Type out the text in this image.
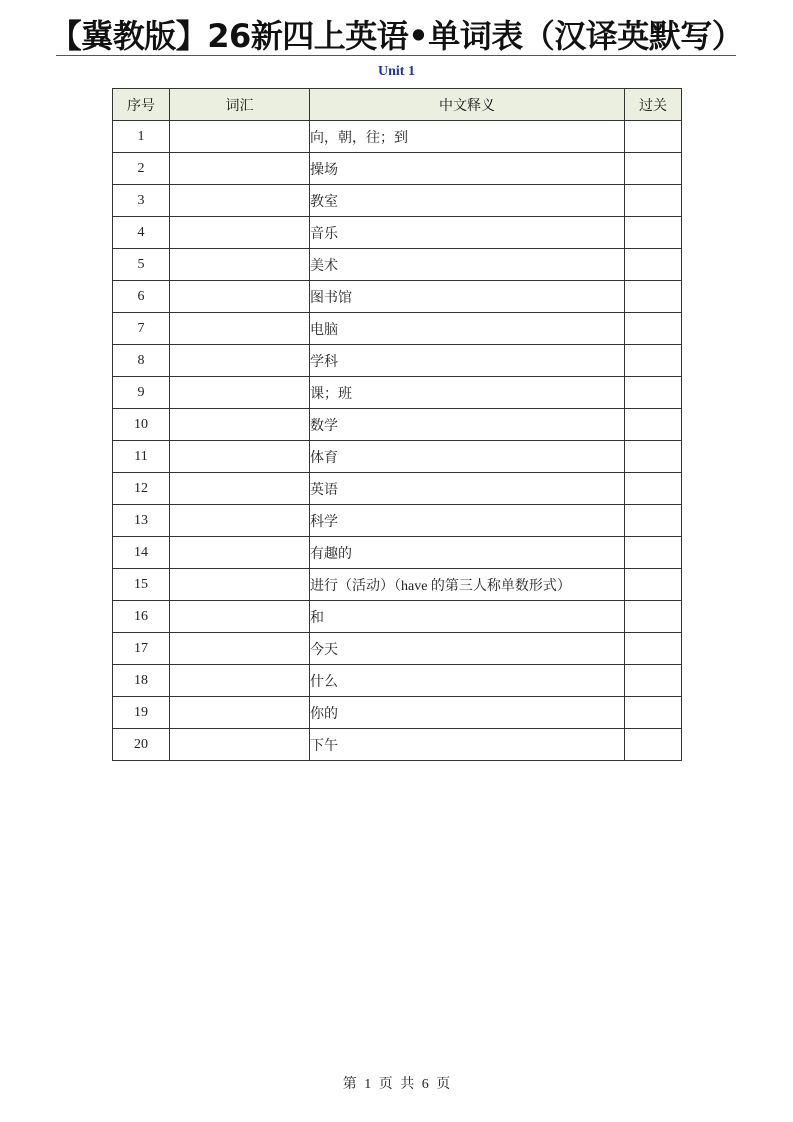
【冀教版】26新四上英语•单词表（汉译英默写）
Unit 1
序号	词汇	中文释义	过关
1		向，朝，往；到	
2		操场	
3		教室	
4		音乐	
5		美术	
6		图书馆	
7		电脑	
8		学科	
9		课；班	
10		数学	
11		体育	
12		英语	
13		科学	
14		有趣的	
15		进行（活动）（have 的第三人称单数形式）	
16		和	
17		今天	
18		什么	
19		你的	
20		下午	
第 1 页 共 6 页
